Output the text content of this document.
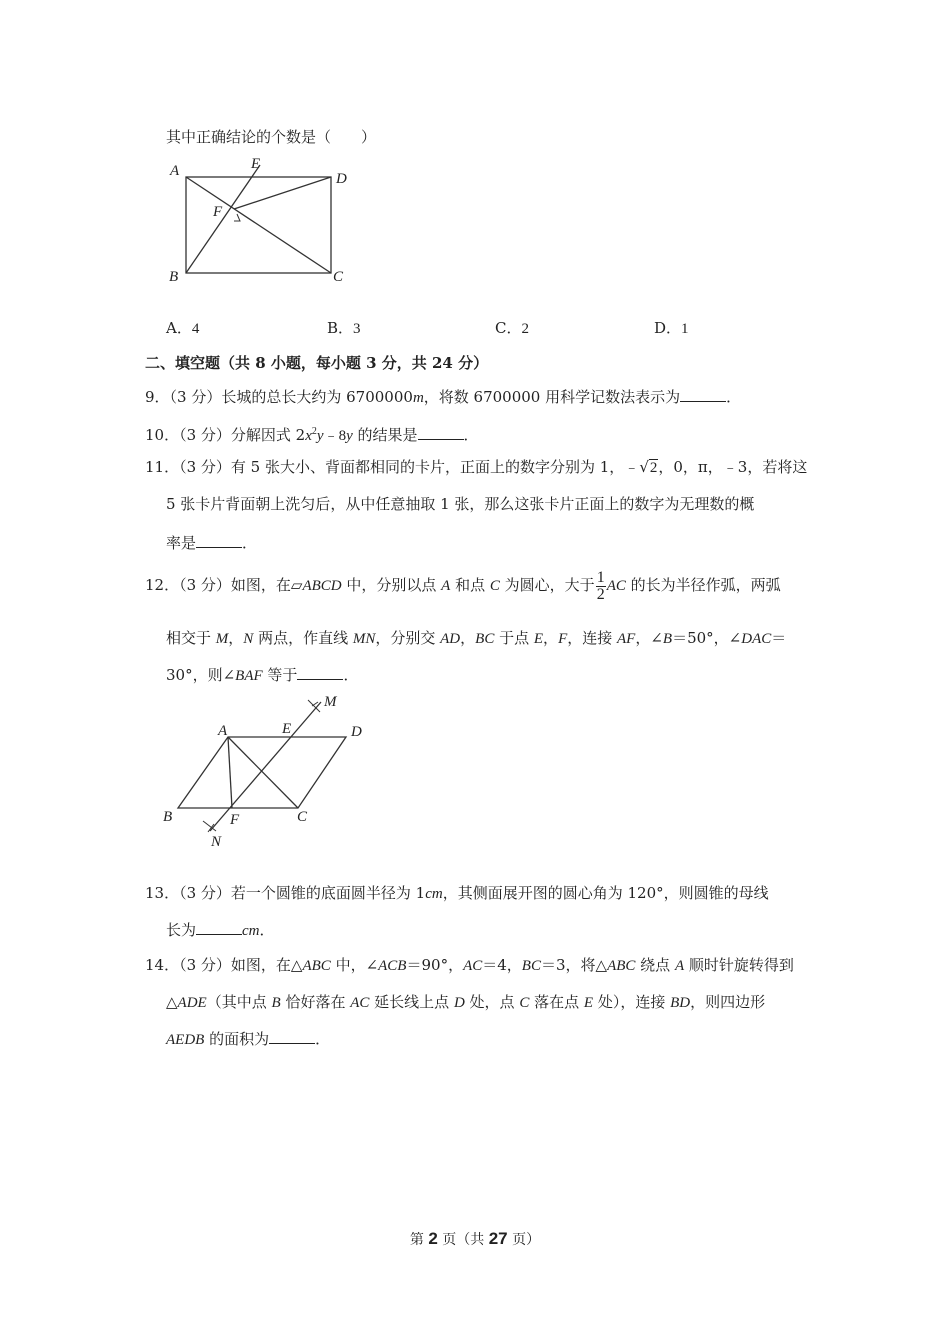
其中正确结论的个数是（　　）
A	E
D
F
B	C
A．4	B．3	C．2	D．1
二、填空题（共 8 小题，每小题 3 分，共 24 分）
9．（3 分）长城的总长大约为 6700000m，将数 6700000 用科学记数法表示为	．
10．（3 分）分解因式 $2x^2y﹣8y$ 的结果是	．
11．（3 分）有 5 张大小、背面都相同的卡片，正面上的数字分别为 1，﹣√2，0，π，﹣3，若将这
5 张卡片背面朝上洗匀后，从中任意抽取 1 张，那么这张卡片正面上的数字为无理数的概
率是	．
12．（3 分）如图，在▱ABCD 中，分别以点 A 和点 C 为圆心，大于 $\frac{1}{2}$ AC 的长为半径作弧，两弧
相交于 M，N 两点，作直线 MN，分别交 AD，BC 于点 E，F，连接 AF，∠B＝50°，∠DAC＝
30°，则∠BAF 等于	．
M
A	E	D
B	F	C
N
13．（3 分）若一个圆锥的底面圆半径为 1cm，其侧面展开图的圆心角为 120°，则圆锥的母线
长为	cm．
14．（3 分）如图，在△ABC 中，∠ACB＝90°，AC＝4，BC＝3，将△ABC 绕点 A 顺时针旋转得到
△ADE（其中点 B 恰好落在 AC 延长线上点 D 处，点 C 落在点 E 处），连接 BD，则四边形
AEDB 的面积为	．
第 2 页（共 27 页）
